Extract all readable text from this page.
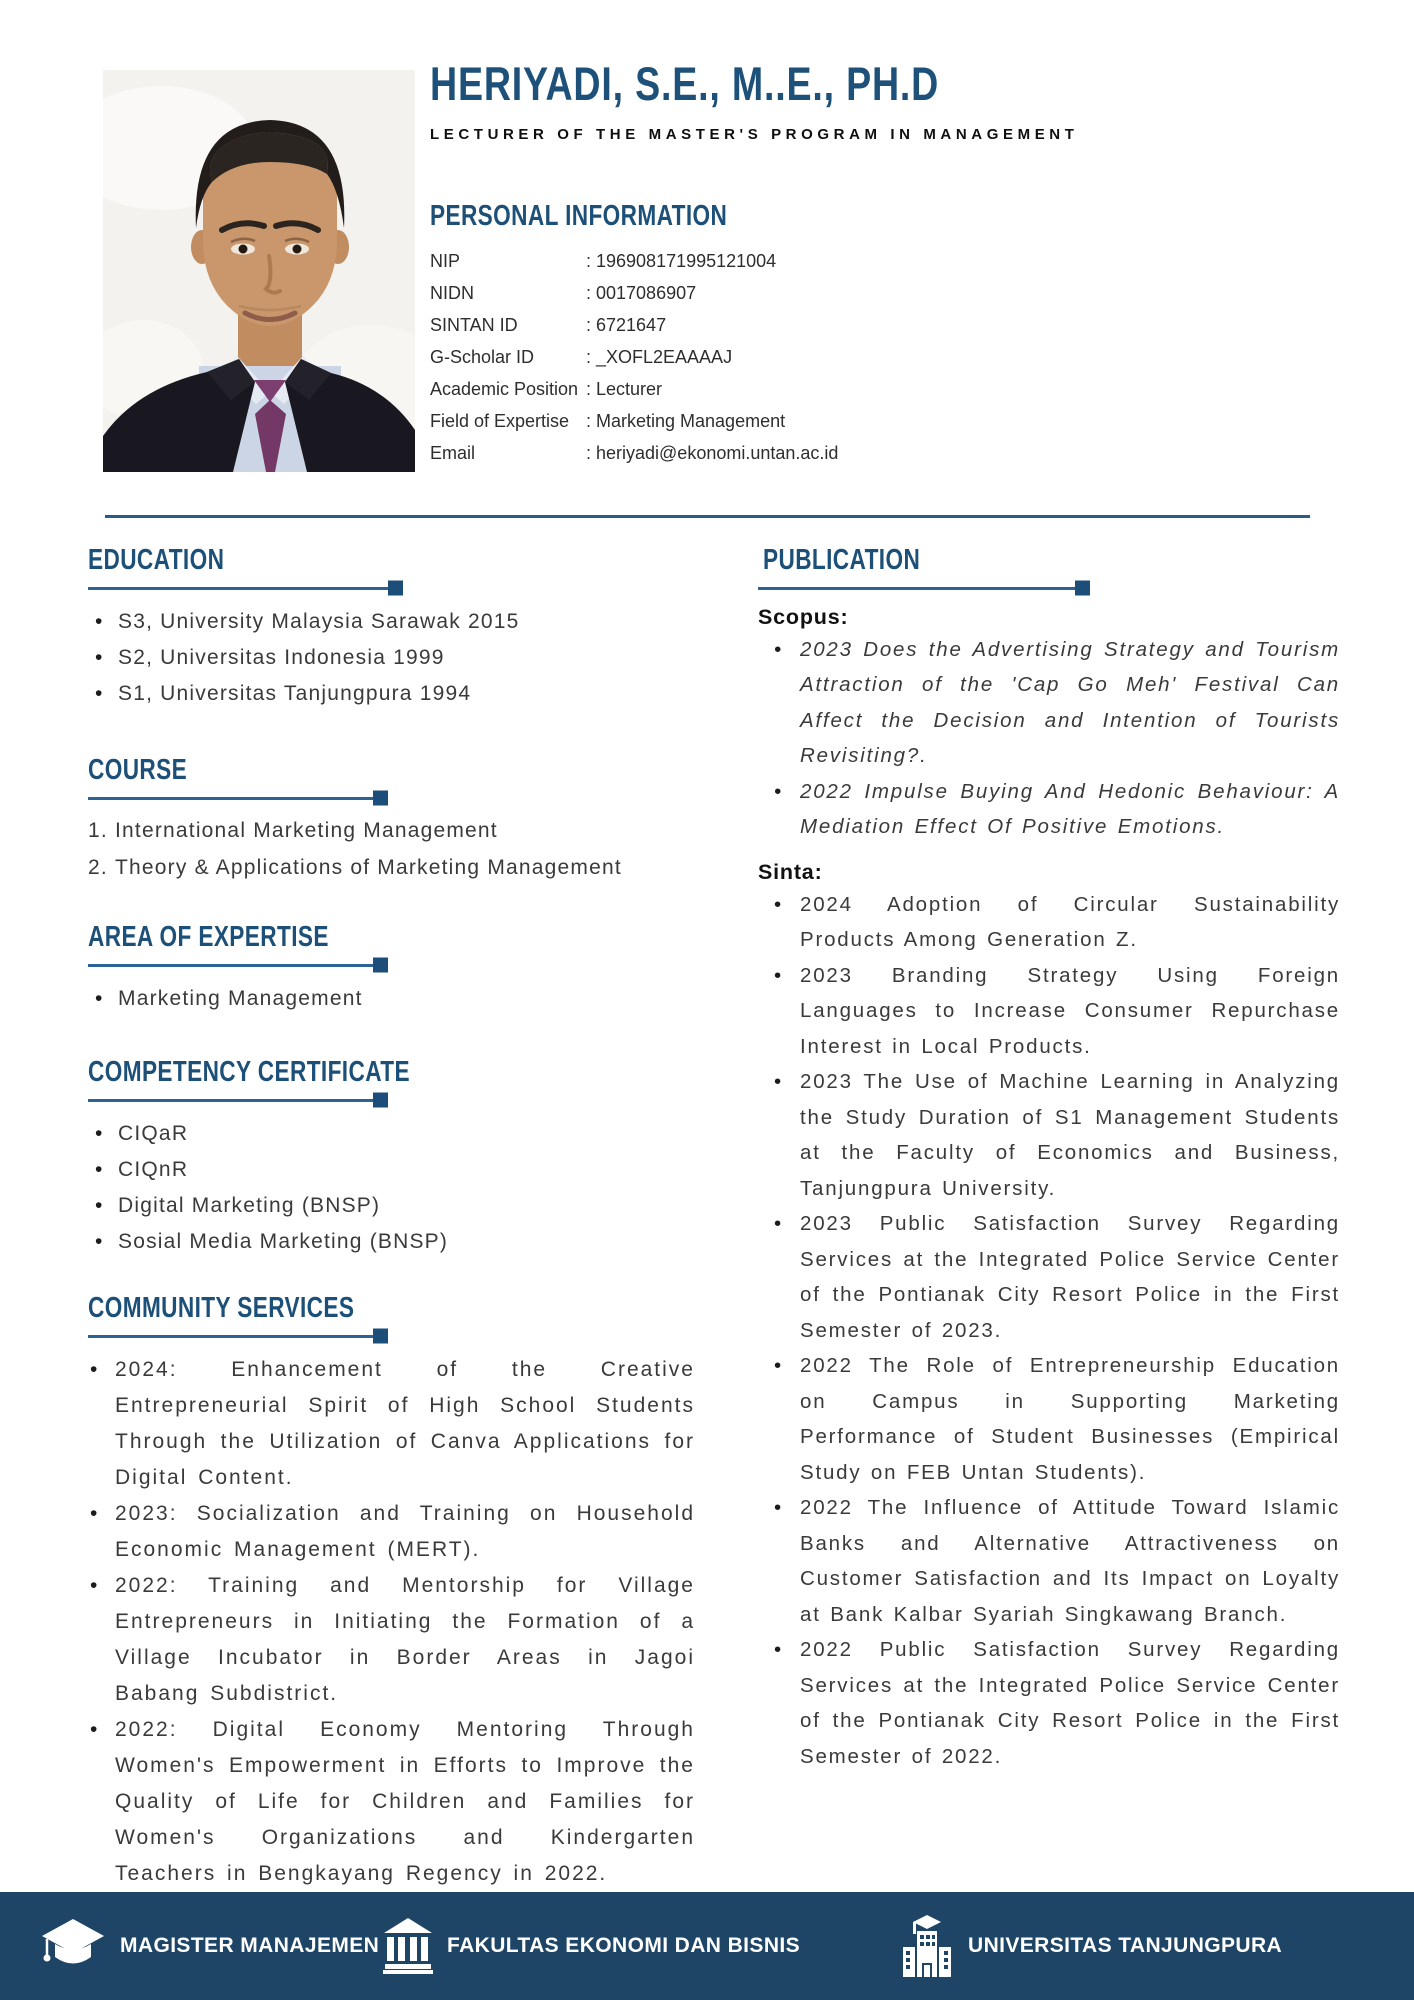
HERIYADI, S.E., M..E., PH.D
LECTURER OF THE MASTER'S PROGRAM IN MANAGEMENT
PERSONAL INFORMATION
NIP	: 196908171995121004
NIDN	: 0017086907
SINTAN ID	: 6721647
G-Scholar ID	: _XOFL2EAAAAJ
Academic Position : Lecturer
Field of Expertise : Marketing Management
Email	: heriyadi@ekonomi.untan.ac.id
EDUCATION
• S3, University Malaysia Sarawak 2015
• S2, Universitas Indonesia 1999
• S1, Universitas Tanjungpura 1994
COURSE
1. International Marketing Management
2. Theory & Applications of Marketing Management
AREA OF EXPERTISE
• Marketing Management
COMPETENCY CERTIFICATE
• CIQaR
• CIQnR
• Digital Marketing (BNSP)
• Sosial Media Marketing (BNSP)
COMMUNITY SERVICES
• 2024: Enhancement of the Creative Entrepreneurial Spirit of High School Students Through the Utilization of Canva Applications for Digital Content.
• 2023: Socialization and Training on Household Economic Management (MERT).
• 2022: Training and Mentorship for Village Entrepreneurs in Initiating the Formation of a Village Incubator in Border Areas in Jagoi Babang Subdistrict.
• 2022: Digital Economy Mentoring Through Women's Empowerment in Efforts to Improve the Quality of Life for Children and Families for Women's Organizations and Kindergarten Teachers in Bengkayang Regency in 2022.
PUBLICATION
Scopus:
• 2023 Does the Advertising Strategy and Tourism Attraction of the 'Cap Go Meh' Festival Can Affect the Decision and Intention of Tourists Revisiting?.
• 2022 Impulse Buying And Hedonic Behaviour: A Mediation Effect Of Positive Emotions.
Sinta:
• 2024 Adoption of Circular Sustainability Products Among Generation Z.
• 2023 Branding Strategy Using Foreign Languages to Increase Consumer Repurchase Interest in Local Products.
• 2023 The Use of Machine Learning in Analyzing the Study Duration of S1 Management Students at the Faculty of Economics and Business, Tanjungpura University.
• 2023 Public Satisfaction Survey Regarding Services at the Integrated Police Service Center of the Pontianak City Resort Police in the First Semester of 2023.
• 2022 The Role of Entrepreneurship Education on Campus in Supporting Marketing Performance of Student Businesses (Empirical Study on FEB Untan Students).
• 2022 The Influence of Attitude Toward Islamic Banks and Alternative Attractiveness on Customer Satisfaction and Its Impact on Loyalty at Bank Kalbar Syariah Singkawang Branch.
• 2022 Public Satisfaction Survey Regarding Services at the Integrated Police Service Center of the Pontianak City Resort Police in the First Semester of 2022.
MAGISTER MANAJEMEN	FAKULTAS EKONOMI DAN BISNIS	UNIVERSITAS TANJUNGPURA
